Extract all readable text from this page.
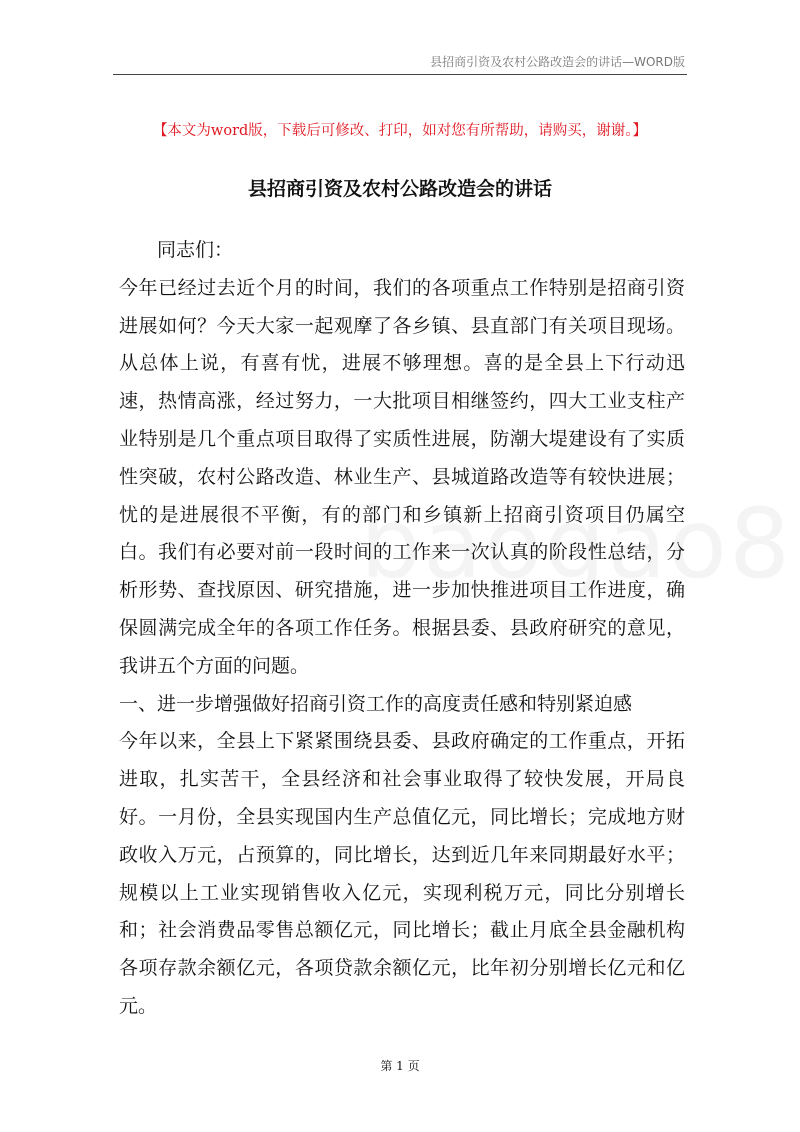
县招商引资及农村公路改造会的讲话—WORD版
【本文为word版，下载后可修改、打印，如对您有所帮助，请购买，谢谢。】
县招商引资及农村公路改造会的讲话

同志们：

今年已经过去近个月的时间，我们的各项重点工作特别是招商引资进展如何？今天大家一起观摩了各乡镇、县直部门有关项目现场。从总体上说，有喜有忧，进展不够理想。喜的是全县上下行动迅速，热情高涨，经过努力，一大批项目相继签约，四大工业支柱产业特别是几个重点项目取得了实质性进展，防潮大堤建设有了实质性突破，农村公路改造、林业生产、县城道路改造等有较快进展；忧的是进展很不平衡，有的部门和乡镇新上招商引资项目仍属空白。我们有必要对前一段时间的工作来一次认真的阶段性总结，分析形势、查找原因、研究措施，进一步加快推进项目工作进度，确保圆满完成全年的各项工作任务。根据县委、县政府研究的意见，我讲五个方面的问题。

一、进一步增强做好招商引资工作的高度责任感和特别紧迫感

今年以来，全县上下紧紧围绕县委、县政府确定的工作重点，开拓进取，扎实苦干，全县经济和社会事业取得了较快发展，开局良好。一月份，全县实现国内生产总值亿元，同比增长；完成地方财政收入万元，占预算的，同比增长，达到近几年来同期最好水平；规模以上工业实现销售收入亿元，实现利税万元，同比分别增长和；社会消费品零售总额亿元，同比增长；截止月底全县金融机构各项存款余额亿元，各项贷款余额亿元，比年初分别增长亿元和亿元。

第 1 页
